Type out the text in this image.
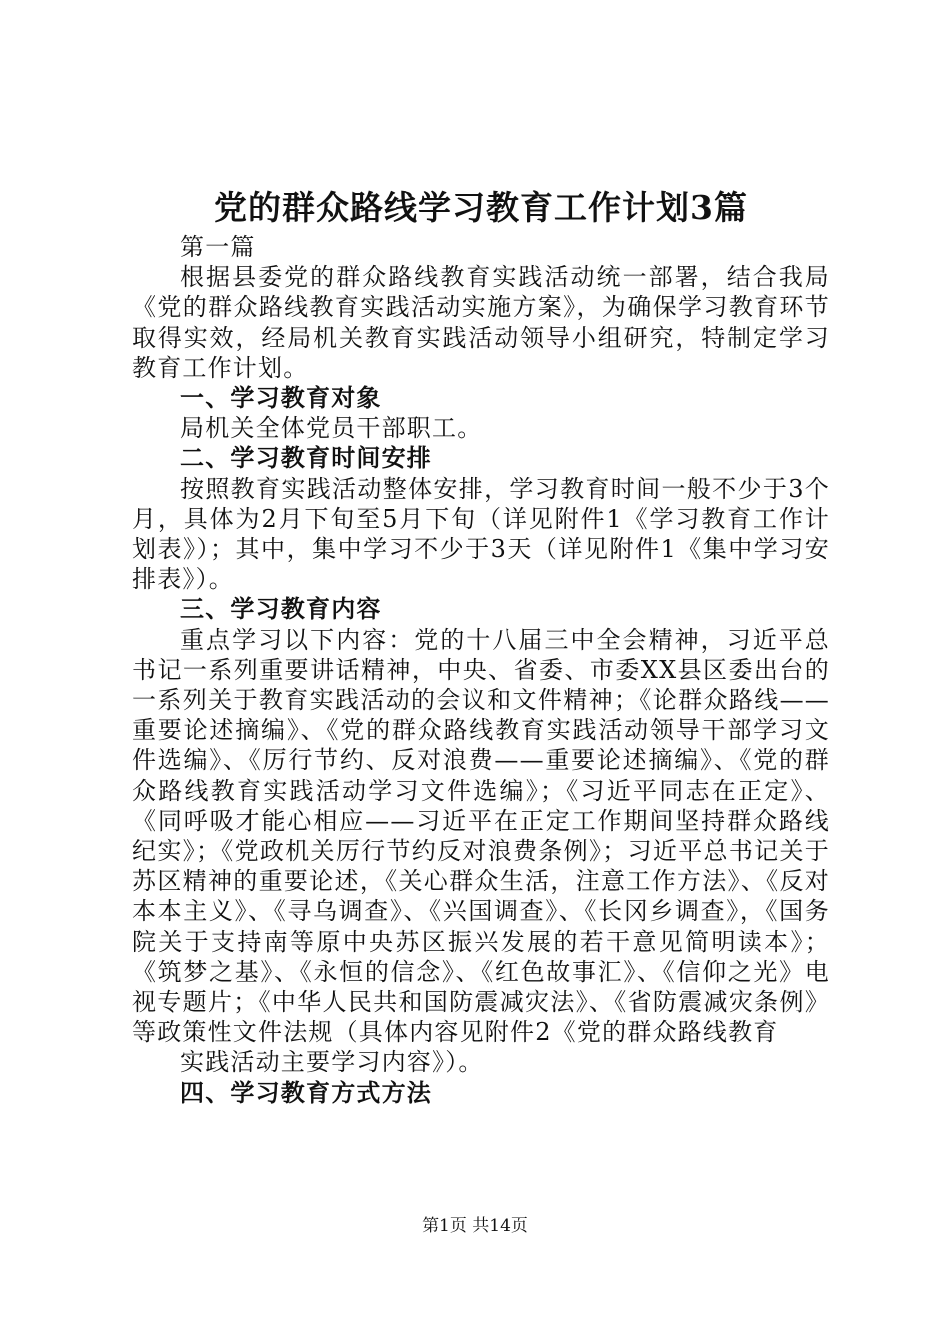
党的群众路线学习教育工作计划3篇

第一篇

根据县委党的群众路线教育实践活动统一部署，结合我局《党的群众路线教育实践活动实施方案》，为确保学习教育环节取得实效，经局机关教育实践活动领导小组研究，特制定学习教育工作计划。

一、学习教育对象

局机关全体党员干部职工。

二、学习教育时间安排

按照教育实践活动整体安排，学习教育时间一般不少于3个月，具体为2月下旬至5月下旬（详见附件1《学习教育工作计划表》）；其中，集中学习不少于3天（详见附件1《集中学习安排表》）。

三、学习教育内容

重点学习以下内容：党的十八届三中全会精神，习近平总书记一系列重要讲话精神，中央、省委、市委XX县区委出台的一系列关于教育实践活动的会议和文件精神；《论群众路线——重要论述摘编》、《党的群众路线教育实践活动领导干部学习文件选编》、《厉行节约、反对浪费——重要论述摘编》、《党的群众路线教育实践活动学习文件选编》；《习近平同志在正定》、《同呼吸才能心相应——习近平在正定工作期间坚持群众路线纪实》；《党政机关厉行节约反对浪费条例》；习近平总书记关于苏区精神的重要论述，《关心群众生活，注意工作方法》、《反对本本主义》、《寻乌调查》、《兴国调查》、《长冈乡调查》，《国务院关于支持南等原中央苏区振兴发展的若干意见简明读本》；《筑梦之基》、《永恒的信念》、《红色故事汇》、《信仰之光》电视专题片；《中华人民共和国防震减灾法》、《省防震减灾条例》等政策性文件法规（具体内容见附件2《党的群众路线教育

实践活动主要学习内容》）。

四、学习教育方式方法

第1页 共14页
